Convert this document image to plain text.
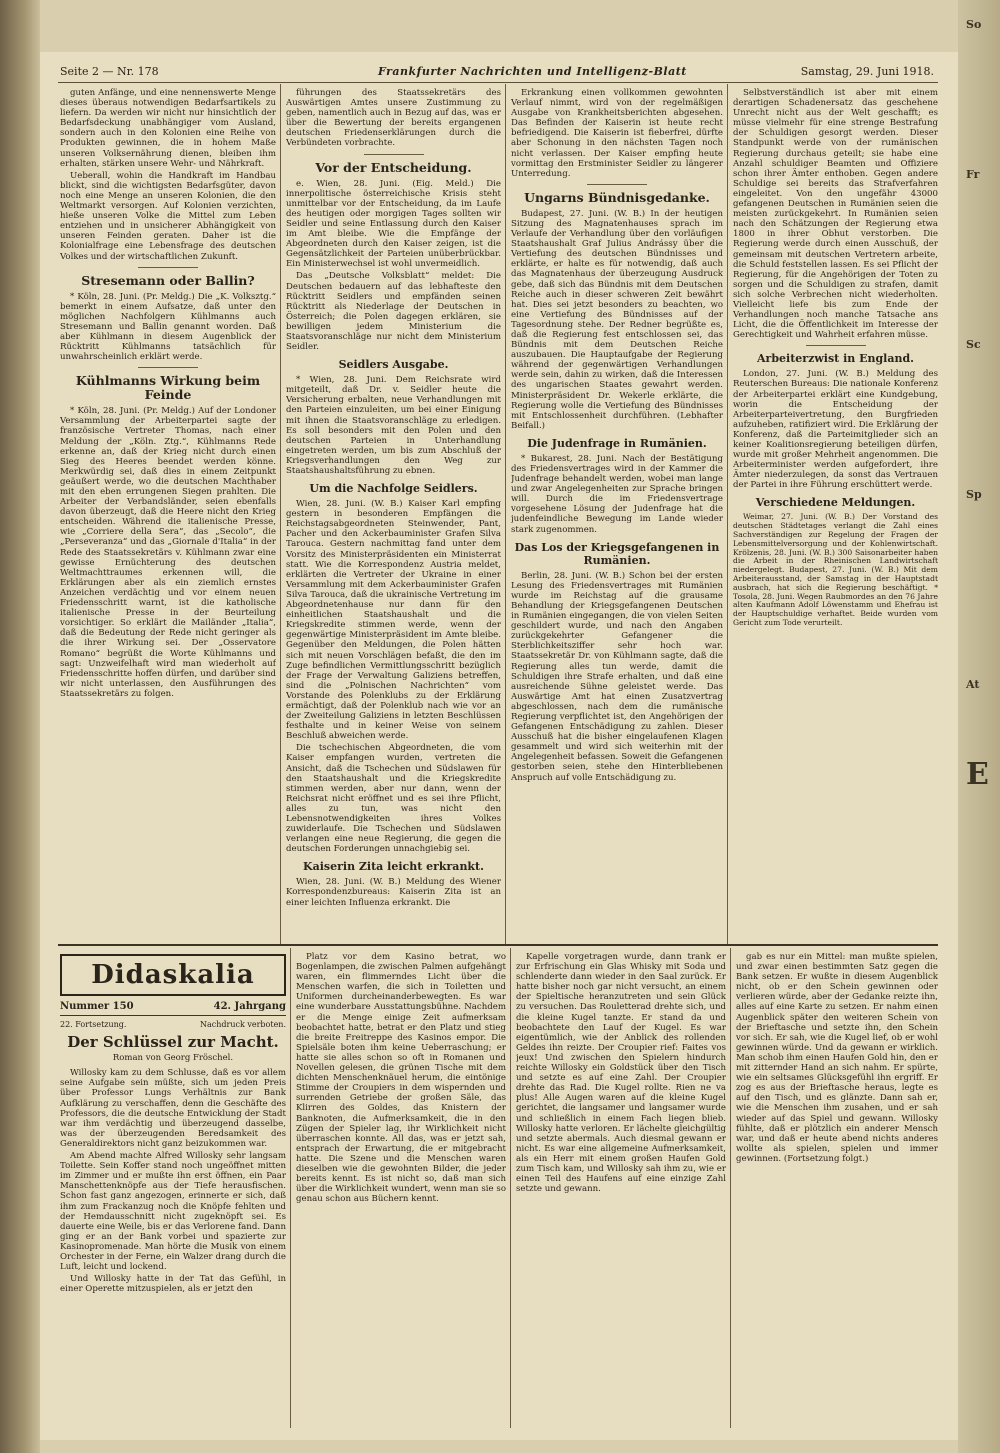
So
Fr
Sc
Sp
At
E
Seite 2 — Nr. 178	Frankfurter Nachrichten und Intelligenz-Blatt	Samstag, 29. Juni 1918.

guten Anfänge, und eine nennenswerte Menge dieses überaus notwendigen Bedarfsartikels zu liefern. Da werden wir nicht nur hinsichtlich der Bedarfsdeckung unabhängiger vom Ausland, sondern auch in den Kolonien eine Reihe von Produkten gewinnen, die in hohem Maße unseren Volksernährung dienen, bleiben ihm erhalten, stärken unsere Wehr- und Nährkraft.

Ueberall, wohin die Handkraft im Handbau blickt, sind die wichtigsten Bedarfsgüter, davon noch eine Menge an unseren Kolonien, die den Weltmarkt versorgen. Auf Kolonien verzichten, hieße unseren Volke die Mittel zum Leben entziehen und in unsicherer Abhängigkeit von unseren Feinden geraten. Daher ist die Kolonialfrage eine Lebensfrage des deutschen Volkes und der wirtschaftlichen Zukunft.

Stresemann oder Ballin?

* Köln, 28. Juni. (Pr. Meldg.) Die „K. Volksztg.“ bemerkt in einem Aufsatze, daß unter den möglichen Nachfolgern Kühlmanns auch Stresemann und Ballin genannt worden. Daß aber Kühlmann in diesem Augenblick der Rücktritt Kühlmanns tatsächlich für unwahrscheinlich erklärt werde.

Kühlmanns Wirkung beim Feinde

* Köln, 28. Juni. (Pr. Meldg.) Auf der Londoner Versammlung der Arbeiterpartei sagte der französische Vertreter Thomas, nach einer Meldung der „Köln. Ztg.“, Kühlmanns Rede erkenne an, daß der Krieg nicht durch einen Sieg des Heeres beendet werden könne. Merkwürdig sei, daß dies in einem Zeitpunkt geäußert werde, wo die deutschen Machthaber mit den eben errungenen Siegen prahlten. Die Arbeiter der Verbandsländer, seien ebenfalls davon überzeugt, daß die Heere nicht den Krieg entscheiden. Während die italienische Presse, wie „Corriere della Sera“, das „Secolo“, die „Perseveranza“ und das „Giornale d'Italia“ in der Rede des Staatssekretärs v. Kühlmann zwar eine gewisse Ernüchterung des deutschen Weltmachttraumes erkennen will, die Erklärungen aber als ein ziemlich ernstes Anzeichen verdächtig und vor einem neuen Friedensschritt warnt, ist die katholische italienische Presse in der Beurteilung vorsichtiger. So erklärt die Mailänder „Italia“, daß die Bedeutung der Rede nicht geringer als die ihrer Wirkung sei. Der „Osservatore Romano“ begrüßt die Worte Kühlmanns und sagt: Unzweifelhaft wird man wiederholt auf Friedensschritte hoffen dürfen, und darüber sind wir nicht unterlassen, den Ausführungen des Staatssekretärs zu folgen.

führungen des Staatssekretärs des Auswärtigen Amtes unsere Zustimmung zu geben, namentlich auch in Bezug auf das, was er über die Bewertung der bereits ergangenen deutschen Friedenserklärungen durch die Verbündeten vorbrachte.

Vor der Entscheidung.

e. Wien, 28. Juni. (Eig. Meld.) Die innerpolitische österreichische Krisis steht unmittelbar vor der Entscheidung, da im Laufe des heutigen oder morgigen Tages sollten wir Seidler und seine Entlassung durch den Kaiser im Amt bleibe. Wie die Empfänge der Abgeordneten durch den Kaiser zeigen, ist die Gegensätzlichkeit der Parteien unüberbrückbar. Ein Ministerwechsel ist wohl unvermeidlich.

Das „Deutsche Volksblatt“ meldet: Die Deutschen bedauern auf das lebhafteste den Rücktritt Seidlers und empfänden seinen Rücktritt als Niederlage der Deutschen in Österreich; die Polen dagegen erklären, sie bewilligen jedem Ministerium die Staatsvoranschläge nur nicht dem Ministerium Seidler.

Seidlers Ausgabe.

* Wien, 28. Juni. Dem Reichsrate wird mitgeteilt, daß Dr. v. Seidler heute die Versicherung erbalten, neue Verhandlungen mit den Parteien einzuleiten, um bei einer Einigung mit ihnen die Staatsvoranschläge zu erledigen. Es soll besonders mit den Polen und den deutschen Parteien in Unterhandlung eingetreten werden, um bis zum Abschluß der Kriegsverhandlungen den Weg zur Staatshaushaltsführung zu ebnen.

Um die Nachfolge Seidlers.

Wien, 28. Juni. (W. B.) Kaiser Karl empfing gestern in besonderen Empfängen die Reichstagsabgeordneten Steinwender, Pant, Pacher und den Ackerbauminister Grafen Silva Tarouca. Gestern nachmittag fand unter dem Vorsitz des Ministerpräsidenten ein Ministerrat statt. Wie die Korrespondenz Austria meldet, erklärten die Vertreter der Ukraine in einer Versammlung mit dem Ackerbauminister Grafen Silva Tarouca, daß die ukrainische Vertretung im Abgeordnetenhause nur dann für den einheitlichen Staatshaushalt und die Kriegskredite stimmen werde, wenn der gegenwärtige Ministerpräsident im Amte bleibe. Gegenüber den Meldungen, die Polen hätten sich mit neuen Vorschlägen befaßt, die den im Zuge befindlichen Vermittlungsschritt bezüglich der Frage der Verwaltung Galiziens betreffen, sind die „Polnischen Nachrichten“ vom Vorstande des Polenklubs zu der Erklärung ermächtigt, daß der Polenklub nach wie vor an der Zweiteilung Galiziens in letzten Beschlüssen festhalte und in keiner Weise von seinem Beschluß abweichen werde.

Die tschechischen Abgeordneten, die vom Kaiser empfangen wurden, vertreten die Ansicht, daß die Tschechen und Südslawen für den Staatshaushalt und die Kriegskredite stimmen werden, aber nur dann, wenn der Reichsrat nicht eröffnet und es sei ihre Pflicht, alles zu tun, was nicht den Lebensnotwendigkeiten ihres Volkes zuwiderlaufe. Die Tschechen und Südslawen verlangen eine neue Regierung, die gegen die deutschen Forderungen unnachgiebig sei.

Kaiserin Zita leicht erkrankt.

Wien, 28. Juni. (W. B.) Meldung des Wiener Korrespondenzbureaus: Kaiserin Zita ist an einer leichten Influenza erkrankt. Die

Erkrankung einen vollkommen gewohnten Verlauf nimmt, wird von der regelmäßigen Ausgabe von Krankheitsberichten abgesehen. Das Befinden der Kaiserin ist heute recht befriedigend. Die Kaiserin ist fieberfrei, dürfte aber Schonung in den nächsten Tagen noch nicht verlassen. Der Kaiser empfing heute vormittag den Erstminister Seidler zu längerer Unterredung.

Ungarns Bündnisgedanke.

Budapest, 27. Juni. (W. B.) In der heutigen Sitzung des Magnatenhauses sprach im Verlaufe der Verhandlung über den vorläufigen Staatshaushalt Graf Julius Andrássy über die Vertiefung des deutschen Bündnisses und erklärte, er halte es für notwendig, daß auch das Magnatenhaus der überzeugung Ausdruck gebe, daß sich das Bündnis mit dem Deutschen Reiche auch in dieser schweren Zeit bewährt hat. Dies sei jetzt besonders zu beachten, wo eine Vertiefung des Bündnisses auf der Tagesordnung stehe. Der Redner begrüßte es, daß die Regierung fest entschlossen sei, das Bündnis mit dem Deutschen Reiche auszubauen. Die Hauptaufgabe der Regierung während der gegenwärtigen Verhandlungen werde sein, dahin zu wirken, daß die Interessen des ungarischen Staates gewahrt werden. Ministerpräsident Dr. Wekerle erklärte, die Regierung wolle die Vertiefung des Bündnisses mit Entschlossenheit durchführen. (Lebhafter Beifall.)

Die Judenfrage in Rumänien.

* Bukarest, 28. Juni. Nach der Bestätigung des Friedensvertrages wird in der Kammer die Judenfrage behandelt werden, wobei man lange und zwar Angelegenheiten zur Sprache bringen will. Durch die im Friedensvertrage vorgesehene Lösung der Judenfrage hat die judenfeindliche Bewegung im Lande wieder stark zugenommen.

Das Los der Kriegsgefangenen in Rumänien.

Berlin, 28. Juni. (W. B.) Schon bei der ersten Lesung des Friedensvertrages mit Rumänien wurde im Reichstag auf die grausame Behandlung der Kriegsgefangenen Deutschen in Rumänien eingegangen, die von vielen Seiten geschildert wurde, und nach den Angaben zurückgekehrter Gefangener die Sterblichkeitsziffer sehr hoch war. Staatssekretär Dr. von Kühlmann sagte, daß die Regierung alles tun werde, damit die Schuldigen ihre Strafe erhalten, und daß eine ausreichende Sühne geleistet werde. Das Auswärtige Amt hat einen Zusatzvertrag abgeschlossen, nach dem die rumänische Regierung verpflichtet ist, den Angehörigen der Gefangenen Entschädigung zu zahlen. Dieser Ausschuß hat die bisher eingelaufenen Klagen gesammelt und wird sich weiterhin mit der Angelegenheit befassen. Soweit die Gefangenen gestorben seien, stehe den Hinterbliebenen Anspruch auf volle Entschädigung zu.

Selbstverständlich ist aber mit einem derartigen Schadenersatz das geschehene Unrecht nicht aus der Welt geschafft; es müsse vielmehr für eine strenge Bestrafung der Schuldigen gesorgt werden. Dieser Standpunkt werde von der rumänischen Regierung durchaus geteilt; sie habe eine Anzahl schuldiger Beamten und Offiziere schon ihrer Ämter enthoben. Gegen andere Schuldige sei bereits das Strafverfahren eingeleitet. Von den ungefähr 43000 gefangenen Deutschen in Rumänien seien die meisten zurückgekehrt. In Rumänien seien nach den Schätzungen der Regierung etwa 1800 in ihrer Obhut verstorben. Die Regierung werde durch einen Ausschuß, der gemeinsam mit deutschen Vertretern arbeite, die Schuld feststellen lassen. Es sei Pflicht der Regierung, für die Angehörigen der Toten zu sorgen und die Schuldigen zu strafen, damit sich solche Verbrechen nicht wiederholten. Vielleicht liefe bis zum Ende der Verhandlungen noch manche Tatsache ans Licht, die die Öffentlichkeit im Interesse der Gerechtigkeit und Wahrheit erfahren müsse.

Arbeiterzwist in England.

London, 27. Juni. (W. B.) Meldung des Reuterschen Bureaus: Die nationale Konferenz der Arbeiterpartei erklärt eine Kundgebung, worin die Entscheidung der Arbeiterparteivertretung, den Burgfrieden aufzuheben, ratifiziert wird. Die Erklärung der Konferenz, daß die Parteimitglieder sich an keiner Koalitionsregierung beteiligen dürfen, wurde mit großer Mehrheit angenommen. Die Arbeiterminister werden aufgefordert, ihre Ämter niederzulegen, da sonst das Vertrauen der Partei in ihre Führung erschüttert werde.

Verschiedene Meldungen.

Weimar, 27. Juni. (W. B.) Der Vorstand des deutschen Städtetages verlangt die Zahl eines Sachverständigen zur Regelung der Fragen der Lebensmittelversorgung und der Kohlenwirtschaft. Krölzenis, 28. Juni. (W. B.) 300 Saisonarbeiter haben die Arbeit in der Rheinischen Landwirtschaft niedergelegt. Budapest, 27. Juni. (W. B.) Mit dem Arbeiterausstand, der Samstag in der Hauptstadt ausbrach, hat sich die Regierung beschäftigt. * Tosola, 28. Juni. Wegen Raubmordes an den 76 Jahre alten Kaufmann Adolf Löwenstamm und Ehefrau ist der Hauptschuldige verhaftet. Beide wurden vom Gericht zum Tode verurteilt.

Didaskalia
Nummer 150	42. Jahrgang
22. Fortsetzung.	Nachdruck verboten.
Der Schlüssel zur Macht.
Roman von Georg Fröschel.

Willosky kam zu dem Schlusse, daß es vor allem seine Aufgabe sein müßte, sich um jeden Preis über Professor Lungs Verhältnis zur Bank Aufklärung zu verschaffen, denn die Geschäfte des Professors, die die deutsche Entwicklung der Stadt war ihm verdächtig und überzeugend dasselbe, was der überzeugenden Beredsamkeit des Generaldirektors nicht ganz beizukommen war.

Am Abend machte Alfred Willosky sehr langsam Toilette. Sein Koffer stand noch ungeöffnet mitten im Zimmer und er mußte ihn erst öffnen, ein Paar Manschettenknöpfe aus der Tiefe herausfischen. Schon fast ganz angezogen, erinnerte er sich, daß ihm zum Frackanzug noch die Knöpfe fehlten und der Hemdausschnitt nicht zugeknöpft sei. Es dauerte eine Weile, bis er das Verlorene fand. Dann ging er an der Bank vorbei und spazierte zur Kasinopromenade. Man hörte die Musik von einem Orchester in der Ferne, ein Walzer drang durch die Luft, leicht und lockend.

Und Willosky hatte in der Tat das Gefühl, in einer Operette mitzuspielen, als er jetzt den

Platz vor dem Kasino betrat, wo Bogenlampen, die zwischen Palmen aufgehängt waren, ein flimmerndes Licht über die Menschen warfen, die sich in Toiletten und Uniformen durcheinanderbewegten. Es war eine wunderbare Ausstattungsbühne. Nachdem er die Menge einige Zeit aufmerksam beobachtet hatte, betrat er den Platz und stieg die breite Freitreppe des Kasinos empor. Die Spielsäle boten ihm keine Ueberraschung; er hatte sie alles schon so oft in Romanen und Novellen gelesen, die grünen Tische mit dem dichten Menschenknäuel herum, die eintönige Stimme der Croupiers in dem wispernden und surrenden Getriebe der großen Säle, das Klirren des Goldes, das Knistern der Banknoten, die Aufmerksamkeit, die in den Zügen der Spieler lag, ihr Wirklichkeit nicht überraschen konnte. All das, was er jetzt sah, entsprach der Erwartung, die er mitgebracht hatte. Die Szene und die Menschen waren dieselben wie die gewohnten Bilder, die jeder bereits kennt. Es ist nicht so, daß man sich über die Wirklichkeit wundert, wenn man sie so genau schon aus Büchern kennt.

Kapelle vorgetragen wurde, dann trank er zur Erfrischung ein Glas Whisky mit Soda und schlenderte dann wieder in den Saal zurück. Er hatte bisher noch gar nicht versucht, an einem der Spieltische heranzutreten und sein Glück zu versuchen. Das Rouletterad drehte sich, und die kleine Kugel tanzte. Er stand da und beobachtete den Lauf der Kugel. Es war eigentümlich, wie der Anblick des rollenden Geldes ihn reizte. Der Croupier rief: Faites vos jeux! Und zwischen den Spielern hindurch reichte Willosky ein Goldstück über den Tisch und setzte es auf eine Zahl. Der Croupier drehte das Rad. Die Kugel rollte. Rien ne va plus! Alle Augen waren auf die kleine Kugel gerichtet, die langsamer und langsamer wurde und schließlich in einem Fach liegen blieb. Willosky hatte verloren. Er lächelte gleichgültig und setzte abermals. Auch diesmal gewann er nicht. Es war eine allgemeine Aufmerksamkeit, als ein Herr mit einem großen Haufen Gold zum Tisch kam, und Willosky sah ihm zu, wie er einen Teil des Haufens auf eine einzige Zahl setzte und gewann.

gab es nur ein Mittel: man mußte spielen, und zwar einen bestimmten Satz gegen die Bank setzen. Er wußte in diesem Augenblick nicht, ob er den Schein gewinnen oder verlieren würde, aber der Gedanke reizte ihn, alles auf eine Karte zu setzen. Er nahm einen Augenblick später den weiteren Schein von der Brieftasche und setzte ihn, den Schein vor sich. Er sah, wie die Kugel lief, ob er wohl gewinnen würde. Und da gewann er wirklich. Man schob ihm einen Haufen Gold hin, den er mit zitternder Hand an sich nahm. Er spürte, wie ein seltsames Glücksgefühl ihn ergriff. Er zog es aus der Brieftasche heraus, legte es auf den Tisch, und es glänzte. Dann sah er, wie die Menschen ihm zusahen, und er sah wieder auf das Spiel und gewann. Willosky fühlte, daß er plötzlich ein anderer Mensch war, und daß er heute abend nichts anderes wollte als spielen, spielen und immer gewinnen. (Fortsetzung folgt.)
